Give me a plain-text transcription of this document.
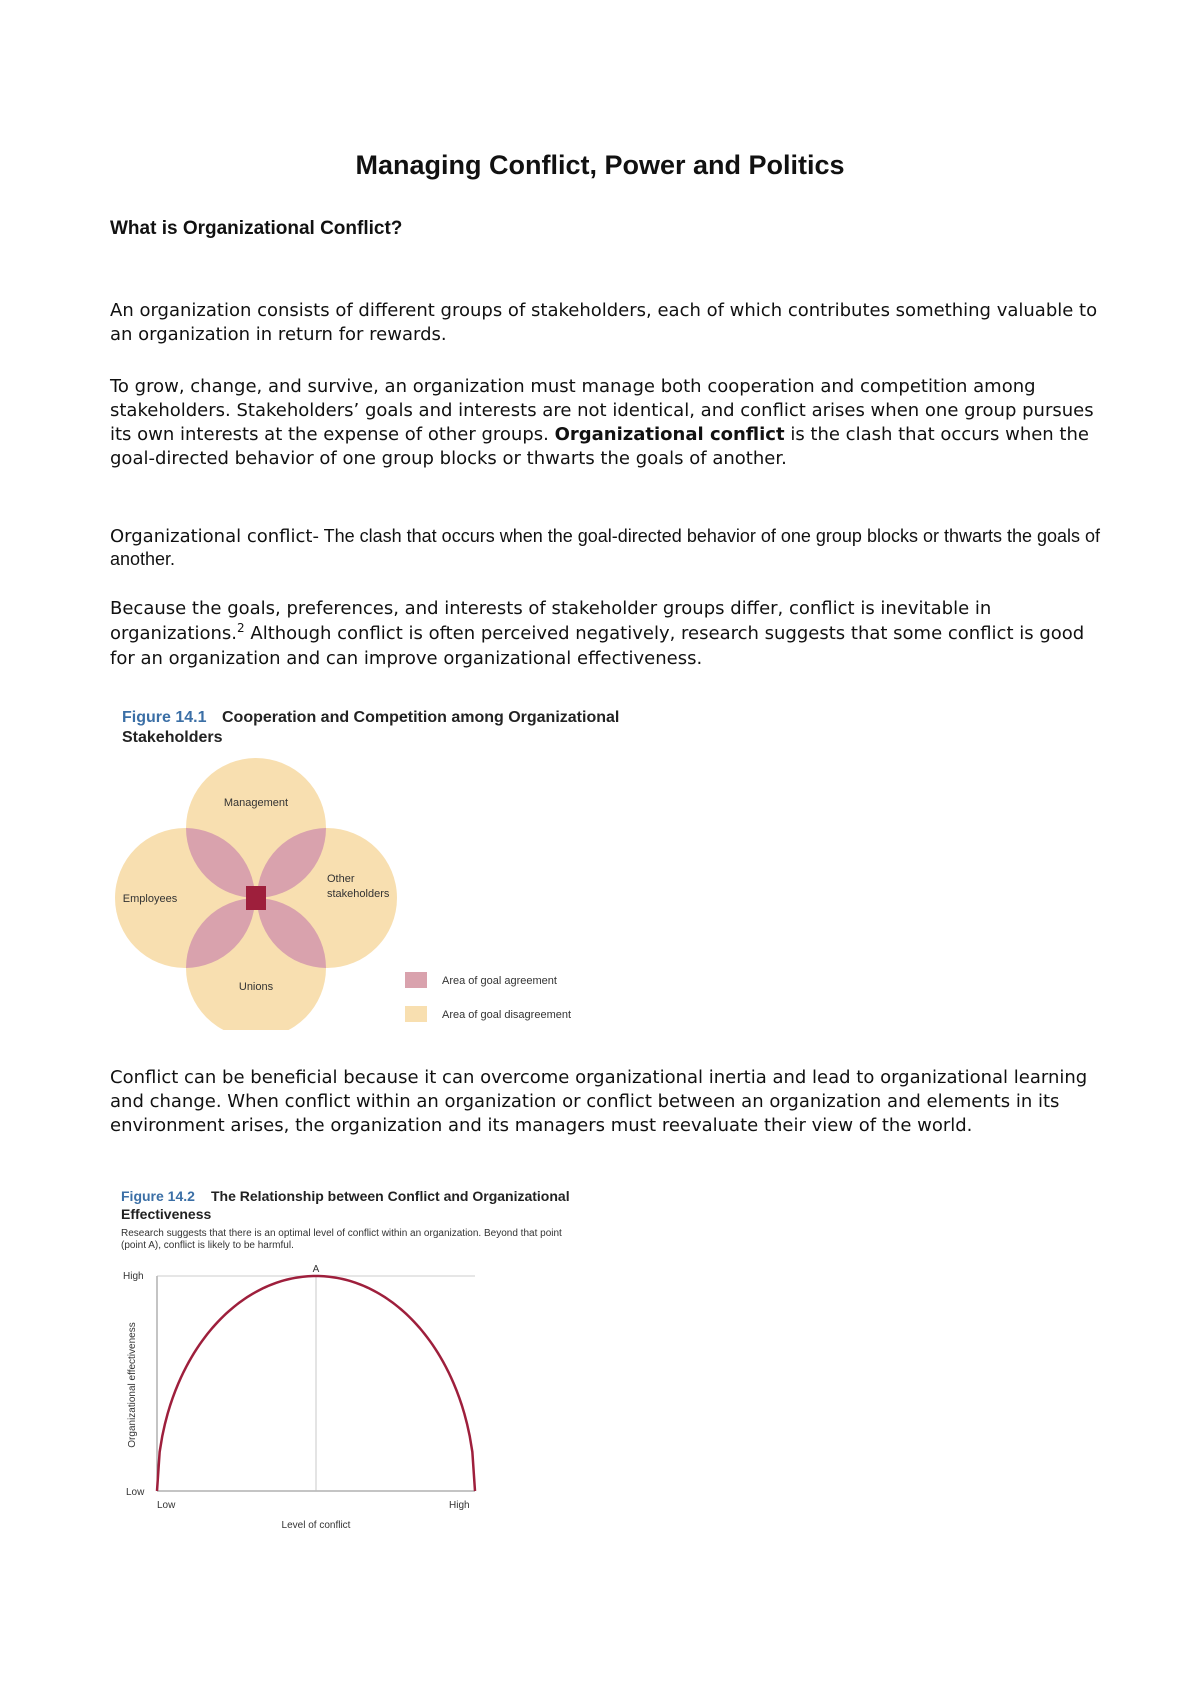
Managing Conflict, Power and Politics
What is Organizational Conflict?

An organization consists of different groups of stakeholders, each of which contributes something valuable to an organization in return for rewards.

To grow, change, and survive, an organization must manage both cooperation and competition among stakeholders. Stakeholders’ goals and interests are not identical, and conflict arises when one group pursues its own interests at the expense of other groups. Organizational conflict is the clash that occurs when the goal-directed behavior of one group blocks or thwarts the goals of another.

Organizational conflict- The clash that occurs when the goal-directed behavior of one group blocks or thwarts the goals of another.

Because the goals, preferences, and interests of stakeholder groups differ, conflict is inevitable in organizations.$^2$ Although conflict is often perceived negatively, research suggests that some conflict is good for an organization and can improve organizational effectiveness.

Figure 14.1 Cooperation and Competition among Organizational
Stakeholders
Management
Employees
Other
stakeholders
Unions	Area of goal agreement
Area of goal disagreement

Conflict can be beneficial because it can overcome organizational inertia and lead to organizational learning and change. When conflict within an organization or conflict between an organization and elements in its environment arises, the organization and its managers must reevaluate their view of the world.

Figure 14.2 The Relationship between Conflict and Organizational
Effectiveness
Research suggests that there is an optimal level of conflict within an organization. Beyond that point
(point A), conflict is likely to be harmful.
High
Low
Low	High
Level of conflict
Organizational effectiveness
A
